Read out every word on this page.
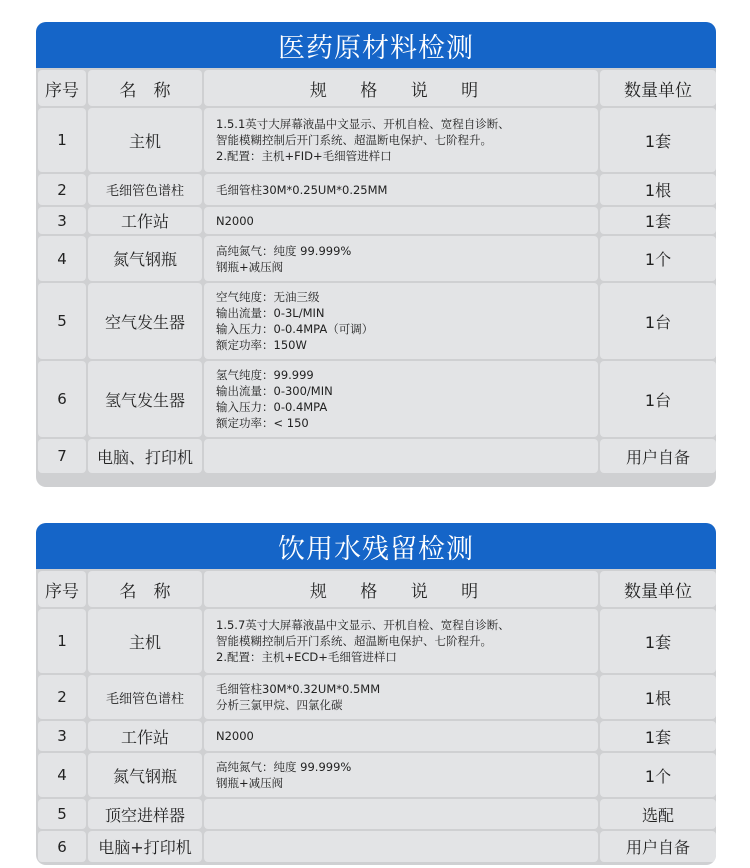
医药原材料检测
序号	名　称	规 格 说 明	数量单位
1	主机	1.5.1英寸大屏幕液晶中文显示、开机自检、宽程自诊断、
智能模糊控制后开门系统、超温断电保护、七阶程升。
2.配置：主机+FID+毛细管进样口	1套
2	毛细管色谱柱	毛细管柱30M*0.25UM*0.25MM	1根
3	工作站	N2000	1套
4	氮气钢瓶	高纯氮气：纯度 99.999%
钢瓶+减压阀	1个
5	空气发生器	空气纯度：无油三级
输出流量：0-3L/MIN
输入压力：0-0.4MPA（可调）
额定功率：150W	1台
6	氢气发生器	氢气纯度：99.999
输出流量：0-300/MIN
输入压力：0-0.4MPA
额定功率：< 150	1台
7	电脑、打印机		用户自备
饮用水残留检测
序号	名　称	规 格 说 明	数量单位
1	主机	1.5.7英寸大屏幕液晶中文显示、开机自检、宽程自诊断、
智能模糊控制后开门系统、超温断电保护、七阶程升。
2.配置：主机+ECD+毛细管进样口	1套
2	毛细管色谱柱	毛细管柱30M*0.32UM*0.5MM
分析三氯甲烷、四氯化碳	1根
3	工作站	N2000	1套
4	氮气钢瓶	高纯氮气：纯度 99.999%
钢瓶+减压阀	1个
5	顶空进样器		选配
6	电脑+打印机		用户自备
